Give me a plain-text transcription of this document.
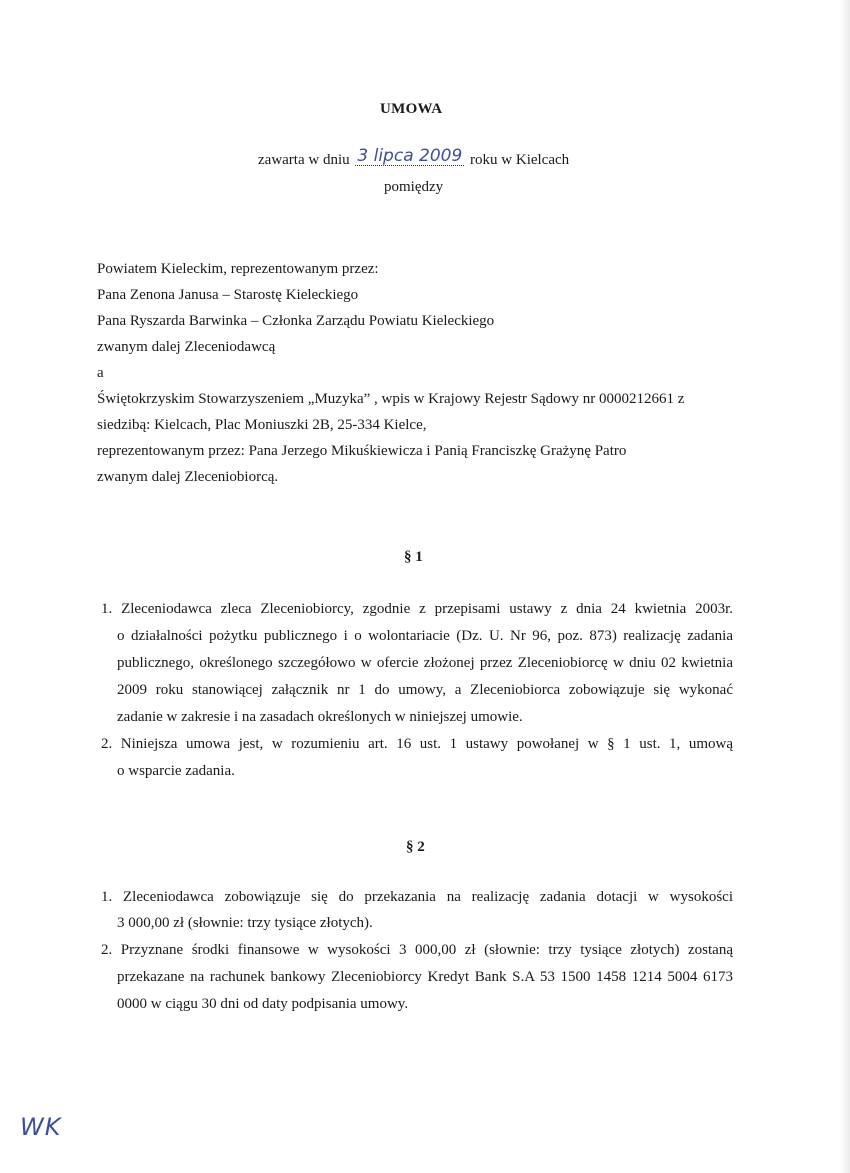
UMOWA
zawarta w dniu 3 lipca 2009 roku w Kielcach
pomiędzy
Powiatem Kieleckim, reprezentowanym przez:
Pana Zenona Janusa – Starostę Kieleckiego
Pana Ryszarda Barwinka – Członka Zarządu Powiatu Kieleckiego
zwanym dalej Zleceniodawcą
a
Świętokrzyskim Stowarzyszeniem „Muzyka” , wpis w Krajowy Rejestr Sądowy nr 0000212661 z
siedzibą: Kielcach, Plac Moniuszki 2B, 25-334 Kielce,
reprezentowanym przez: Pana Jerzego Mikuśkiewicza i Panią Franciszkę Grażynę Patro
zwanym dalej Zleceniobiorcą.
§ 1
1. Zleceniodawca zleca Zleceniobiorcy, zgodnie z przepisami ustawy z dnia 24 kwietnia 2003r.
o działalności pożytku publicznego i o wolontariacie (Dz. U. Nr 96, poz. 873) realizację zadania
publicznego, określonego szczegółowo w ofercie złożonej przez Zleceniobiorcę w dniu 02 kwietnia
2009 roku stanowiącej załącznik nr 1 do umowy, a Zleceniobiorca zobowiązuje się wykonać
zadanie w zakresie i na zasadach określonych w niniejszej umowie.
2. Niniejsza umowa jest, w rozumieniu art. 16 ust. 1 ustawy powołanej w § 1 ust. 1, umową
o wsparcie zadania.
§ 2
1. Zleceniodawca zobowiązuje się do przekazania na realizację zadania dotacji w wysokości
3 000,00 zł (słownie: trzy tysiące złotych).
2. Przyznane środki finansowe w wysokości 3 000,00 zł (słownie: trzy tysiące złotych) zostaną
przekazane na rachunek bankowy Zleceniobiorcy Kredyt Bank S.A 53 1500 1458 1214 5004 6173
0000 w ciągu 30 dni od daty podpisania umowy.
WK
